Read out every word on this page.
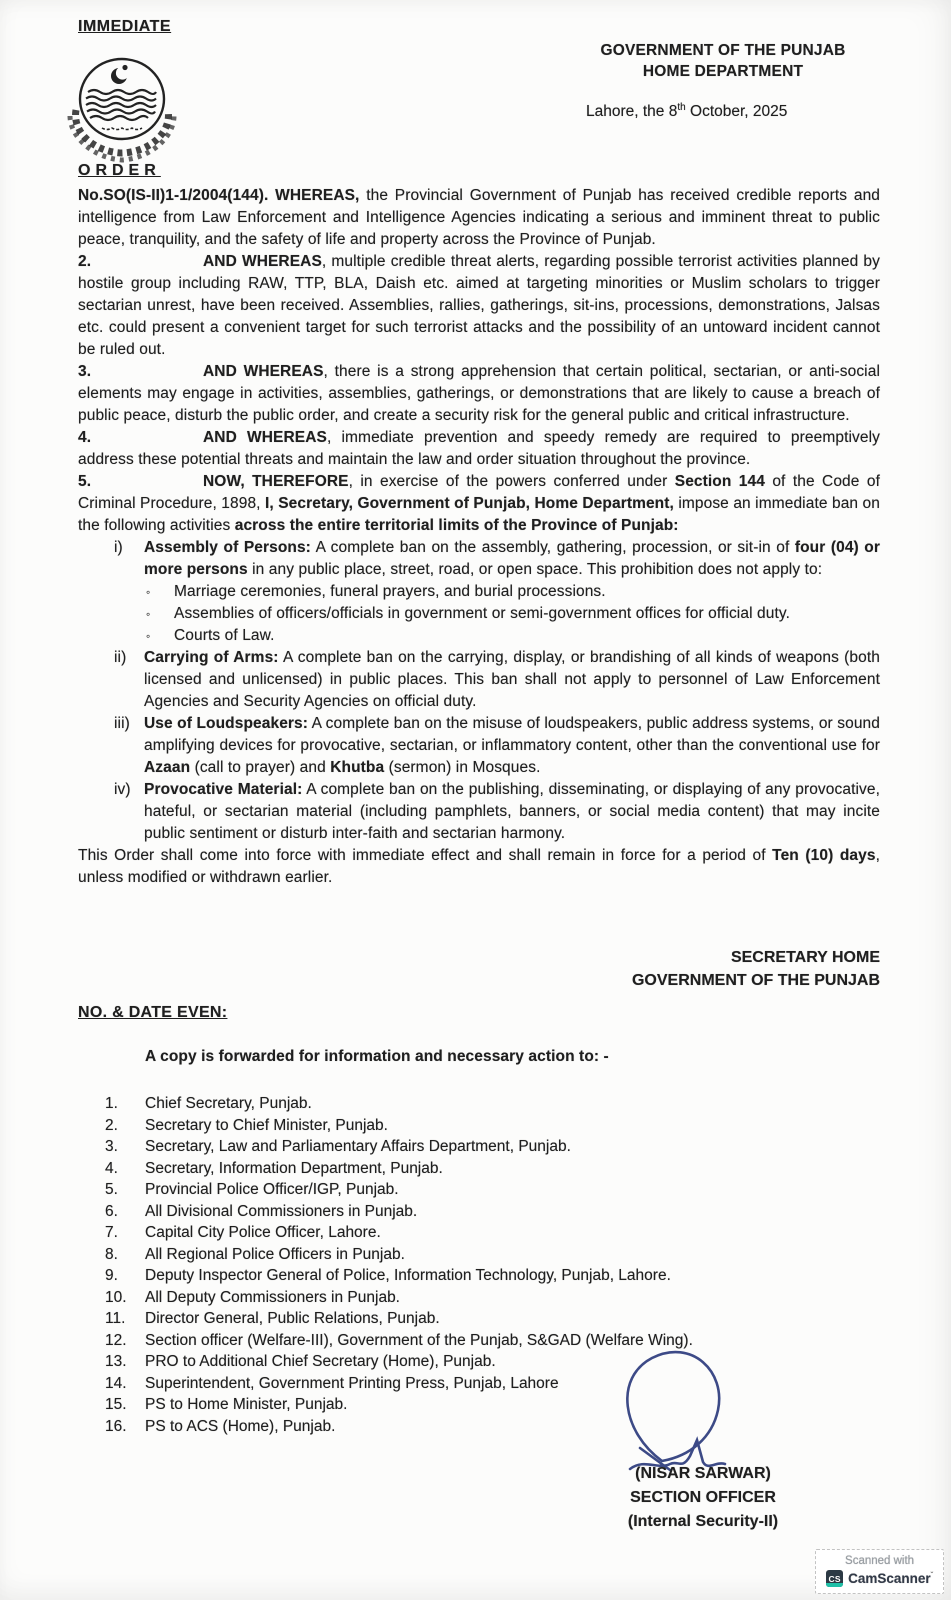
IMMEDIATE
GOVERNMENT OF THE PUNJAB
HOME DEPARTMENT
Lahore, the 8th October, 2025
ORDER

No.SO(IS-II)1-1/2004(144). WHEREAS, the Provincial Government of Punjab has received credible reports and intelligence from Law Enforcement and Intelligence Agencies indicating a serious and imminent threat to public peace, tranquility, and the safety of life and property across the Province of Punjab.

2.	AND WHEREAS, multiple credible threat alerts, regarding possible terrorist activities planned by hostile group including RAW, TTP, BLA, Daish etc. aimed at targeting minorities or Muslim scholars to trigger sectarian unrest, have been received. Assemblies, rallies, gatherings, sit-ins, processions, demonstrations, Jalsas etc. could present a convenient target for such terrorist attacks and the possibility of an untoward incident cannot be ruled out.

3.	AND WHEREAS, there is a strong apprehension that certain political, sectarian, or anti-social elements may engage in activities, assemblies, gatherings, or demonstrations that are likely to cause a breach of public peace, disturb the public order, and create a security risk for the general public and critical infrastructure.

4.	AND WHEREAS, immediate prevention and speedy remedy are required to preemptively address these potential threats and maintain the law and order situation throughout the province.

5.	NOW, THEREFORE, in exercise of the powers conferred under Section 144 of the Code of Criminal Procedure, 1898, I, Secretary, Government of Punjab, Home Department, impose an immediate ban on the following activities across the entire territorial limits of the Province of Punjab:

i)	Assembly of Persons: A complete ban on the assembly, gathering, procession, or sit-in of four (04) or more persons in any public place, street, road, or open space. This prohibition does not apply to:
◦	Marriage ceremonies, funeral prayers, and burial processions.
◦	Assemblies of officers/officials in government or semi-government offices for official duty.
◦	Courts of Law.
ii)	Carrying of Arms: A complete ban on the carrying, display, or brandishing of all kinds of weapons (both licensed and unlicensed) in public places. This ban shall not apply to personnel of Law Enforcement Agencies and Security Agencies on official duty.
iii) Use of Loudspeakers: A complete ban on the misuse of loudspeakers, public address systems, or sound amplifying devices for provocative, sectarian, or inflammatory content, other than the conventional use for Azaan (call to prayer) and Khutba (sermon) in Mosques.
iv) Provocative Material: A complete ban on the publishing, disseminating, or displaying of any provocative, hateful, or sectarian material (including pamphlets, banners, or social media content) that may incite public sentiment or disturb inter-faith and sectarian harmony.

This Order shall come into force with immediate effect and shall remain in force for a period of Ten (10) days, unless modified or withdrawn earlier.

SECRETARY HOME
GOVERNMENT OF THE PUNJAB
NO. & DATE EVEN:
A copy is forwarded for information and necessary action to: -
1.	Chief Secretary, Punjab.
2.	Secretary to Chief Minister, Punjab.
3.	Secretary, Law and Parliamentary Affairs Department, Punjab.
4.	Secretary, Information Department, Punjab.
5.	Provincial Police Officer/IGP, Punjab.
6.	All Divisional Commissioners in Punjab.
7.	Capital City Police Officer, Lahore.
8.	All Regional Police Officers in Punjab.
9.	Deputy Inspector General of Police, Information Technology, Punjab, Lahore.
10.	All Deputy Commissioners in Punjab.
11.	Director General, Public Relations, Punjab.
12.	Section officer (Welfare-III), Government of the Punjab, S&GAD (Welfare Wing).
13.	PRO to Additional Chief Secretary (Home), Punjab.
14.	Superintendent, Government Printing Press, Punjab, Lahore
15.	PS to Home Minister, Punjab.
16.	PS to ACS (Home), Punjab.
(NISAR SARWAR)
SECTION OFFICER
(Internal Security-II)
Scanned with
CS CamScanner$^ˇ$
